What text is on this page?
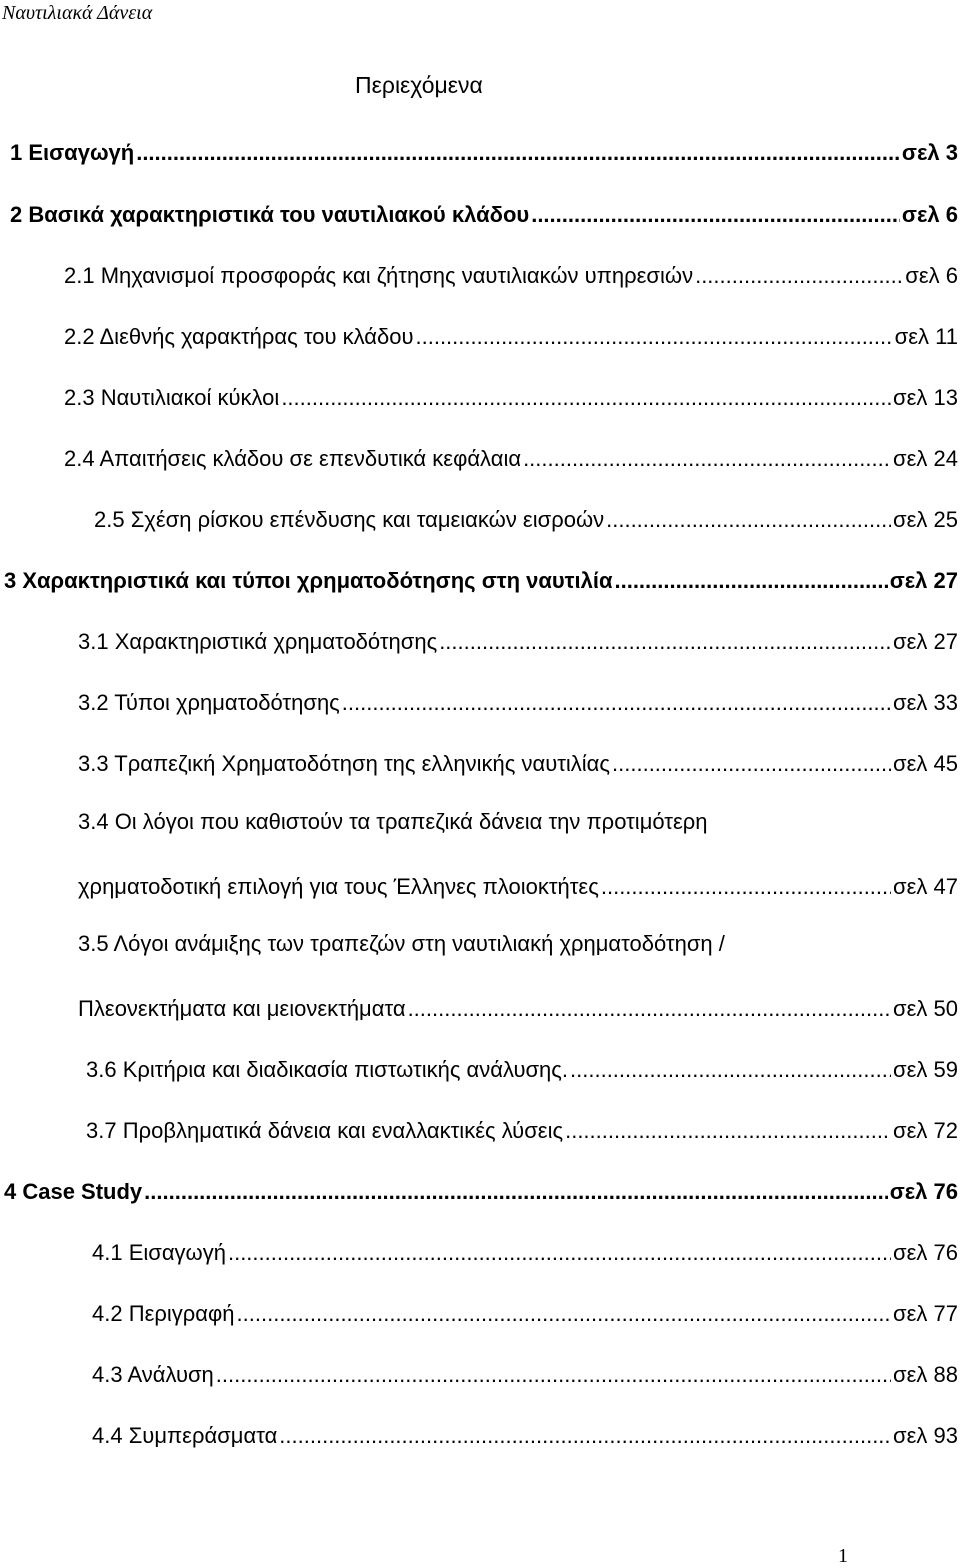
Ναυτιλιακά Δάνεια
Περιεχόμενα
1 Εισαγωγή .....	σελ 3
2 Βασικά χαρακτηριστικά του ναυτιλιακού κλάδου .....	σελ 6
2.1 Μηχανισμοί προσφοράς και ζήτησης ναυτιλιακών υπηρεσιών .....	σελ 6
2.2 Διεθνής χαρακτήρας του κλάδου .....	σελ 11
2.3 Ναυτιλιακοί κύκλοι .....	σελ 13
2.4 Απαιτήσεις κλάδου σε επενδυτικά κεφάλαια .....	σελ 24
2.5 Σχέση ρίσκου επένδυσης και ταμειακών εισροών .....	σελ 25
3 Χαρακτηριστικά και τύποι χρηματοδότησης στη ναυτιλία .....	σελ 27
3.1 Χαρακτηριστικά χρηματοδότησης .....	σελ 27
3.2 Τύποι χρηματοδότησης .....	σελ 33
3.3 Τραπεζική Χρηματοδότηση της ελληνικής ναυτιλίας .....	σελ 45
3.4 Οι λόγοι που καθιστούν τα τραπεζικά δάνεια την προτιμότερη
χρηματοδοτική επιλογή για τους Έλληνες πλοιοκτήτες .....	σελ 47
3.5 Λόγοι ανάμιξης των τραπεζών στη ναυτιλιακή χρηματοδότηση /
Πλεονεκτήματα και μειονεκτήματα .....	σελ 50
3.6 Κριτήρια και διαδικασία πιστωτικής ανάλυσης. .....	σελ 59
3.7 Προβληματικά δάνεια και εναλλακτικές λύσεις .....	σελ 72
4 Case Study .....	σελ 76
4.1 Εισαγωγή .....	σελ 76
4.2 Περιγραφή .....	σελ 77
4.3 Ανάλυση .....	σελ 88
4.4 Συμπεράσματα .....	σελ 93
1
